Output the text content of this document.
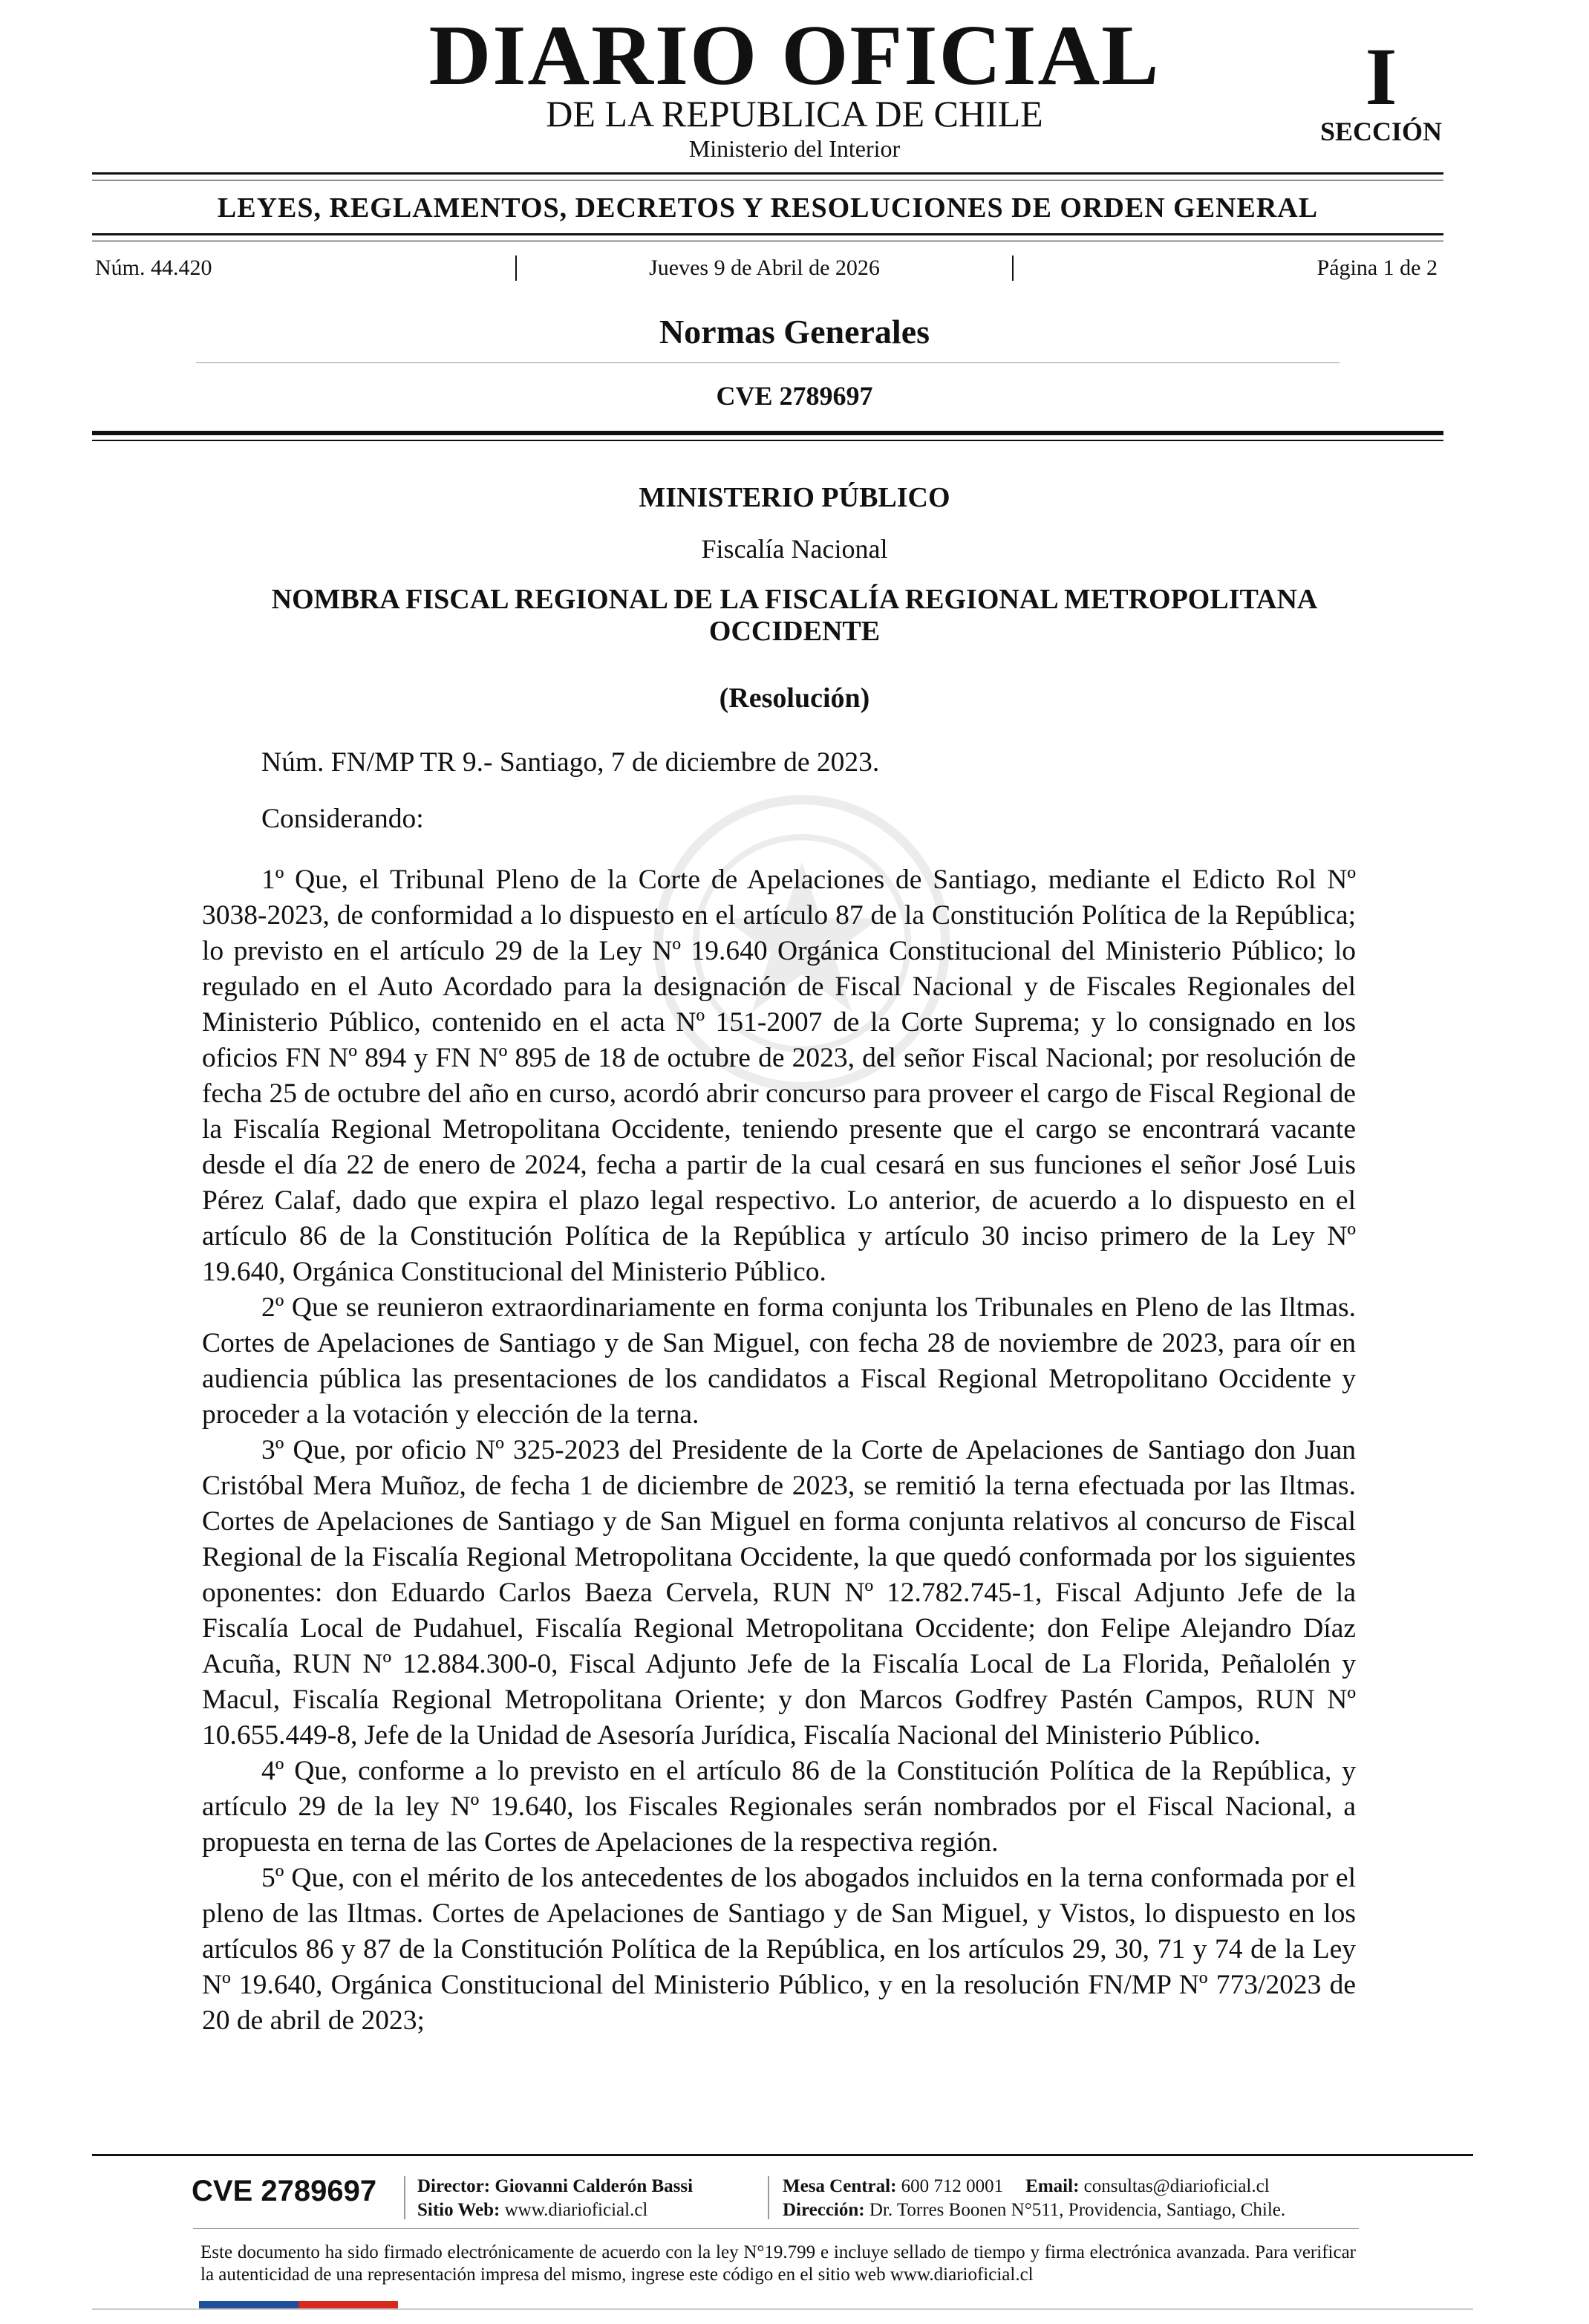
DIARIO OFICIAL
DE LA REPUBLICA DE CHILE
Ministerio del Interior
I
SECCIÓN
LEYES, REGLAMENTOS, DECRETOS Y RESOLUCIONES DE ORDEN GENERAL
Núm. 44.420	Jueves 9 de Abril de 2026	Página 1 de 2
Normas Generales
CVE 2789697
MINISTERIO PÚBLICO
Fiscalía Nacional
NOMBRA FISCAL REGIONAL DE LA FISCALÍA REGIONAL METROPOLITANA OCCIDENTE
(Resolución)

Núm. FN/MP TR 9.- Santiago, 7 de diciembre de 2023.

Considerando:

1º Que, el Tribunal Pleno de la Corte de Apelaciones de Santiago, mediante el Edicto Rol Nº 3038-2023, de conformidad a lo dispuesto en el artículo 87 de la Constitución Política de la República; lo previsto en el artículo 29 de la Ley Nº 19.640 Orgánica Constitucional del Ministerio Público; lo regulado en el Auto Acordado para la designación de Fiscal Nacional y de Fiscales Regionales del Ministerio Público, contenido en el acta Nº 151-2007 de la Corte Suprema; y lo consignado en los oficios FN Nº 894 y FN Nº 895 de 18 de octubre de 2023, del señor Fiscal Nacional; por resolución de fecha 25 de octubre del año en curso, acordó abrir concurso para proveer el cargo de Fiscal Regional de la Fiscalía Regional Metropolitana Occidente, teniendo presente que el cargo se encontrará vacante desde el día 22 de enero de 2024, fecha a partir de la cual cesará en sus funciones el señor José Luis Pérez Calaf, dado que expira el plazo legal respectivo. Lo anterior, de acuerdo a lo dispuesto en el artículo 86 de la Constitución Política de la República y artículo 30 inciso primero de la Ley Nº 19.640, Orgánica Constitucional del Ministerio Público.

2º Que se reunieron extraordinariamente en forma conjunta los Tribunales en Pleno de las Iltmas. Cortes de Apelaciones de Santiago y de San Miguel, con fecha 28 de noviembre de 2023, para oír en audiencia pública las presentaciones de los candidatos a Fiscal Regional Metropolitano Occidente y proceder a la votación y elección de la terna.

3º Que, por oficio Nº 325-2023 del Presidente de la Corte de Apelaciones de Santiago don Juan Cristóbal Mera Muñoz, de fecha 1 de diciembre de 2023, se remitió la terna efectuada por las Iltmas. Cortes de Apelaciones de Santiago y de San Miguel en forma conjunta relativos al concurso de Fiscal Regional de la Fiscalía Regional Metropolitana Occidente, la que quedó conformada por los siguientes oponentes: don Eduardo Carlos Baeza Cervela, RUN Nº 12.782.745-1, Fiscal Adjunto Jefe de la Fiscalía Local de Pudahuel, Fiscalía Regional Metropolitana Occidente; don Felipe Alejandro Díaz Acuña, RUN Nº 12.884.300-0, Fiscal Adjunto Jefe de la Fiscalía Local de La Florida, Peñalolén y Macul, Fiscalía Regional Metropolitana Oriente; y don Marcos Godfrey Pastén Campos, RUN Nº 10.655.449-8, Jefe de la Unidad de Asesoría Jurídica, Fiscalía Nacional del Ministerio Público.

4º Que, conforme a lo previsto en el artículo 86 de la Constitución Política de la República, y artículo 29 de la ley Nº 19.640, los Fiscales Regionales serán nombrados por el Fiscal Nacional, a propuesta en terna de las Cortes de Apelaciones de la respectiva región.

5º Que, con el mérito de los antecedentes de los abogados incluidos en la terna conformada por el pleno de las Iltmas. Cortes de Apelaciones de Santiago y de San Miguel, y Vistos, lo dispuesto en los artículos 86 y 87 de la Constitución Política de la República, en los artículos 29, 30, 71 y 74 de la Ley Nº 19.640, Orgánica Constitucional del Ministerio Público, y en la resolución FN/MP Nº 773/2023 de 20 de abril de 2023;

CVE 2789697 Director: Giovanni Calderón Bassi
Sitio Web: www.diarioficial.cl
Mesa Central: 600 712 0001 Email: consultas@diarioficial.cl
Dirección: Dr. Torres Boonen N°511, Providencia, Santiago, Chile.
Este documento ha sido firmado electrónicamente de acuerdo con la ley N°19.799 e incluye sellado de tiempo y firma electrónica avanzada. Para verificar la autenticidad de una representación impresa del mismo, ingrese este código en el sitio web www.diarioficial.cl
